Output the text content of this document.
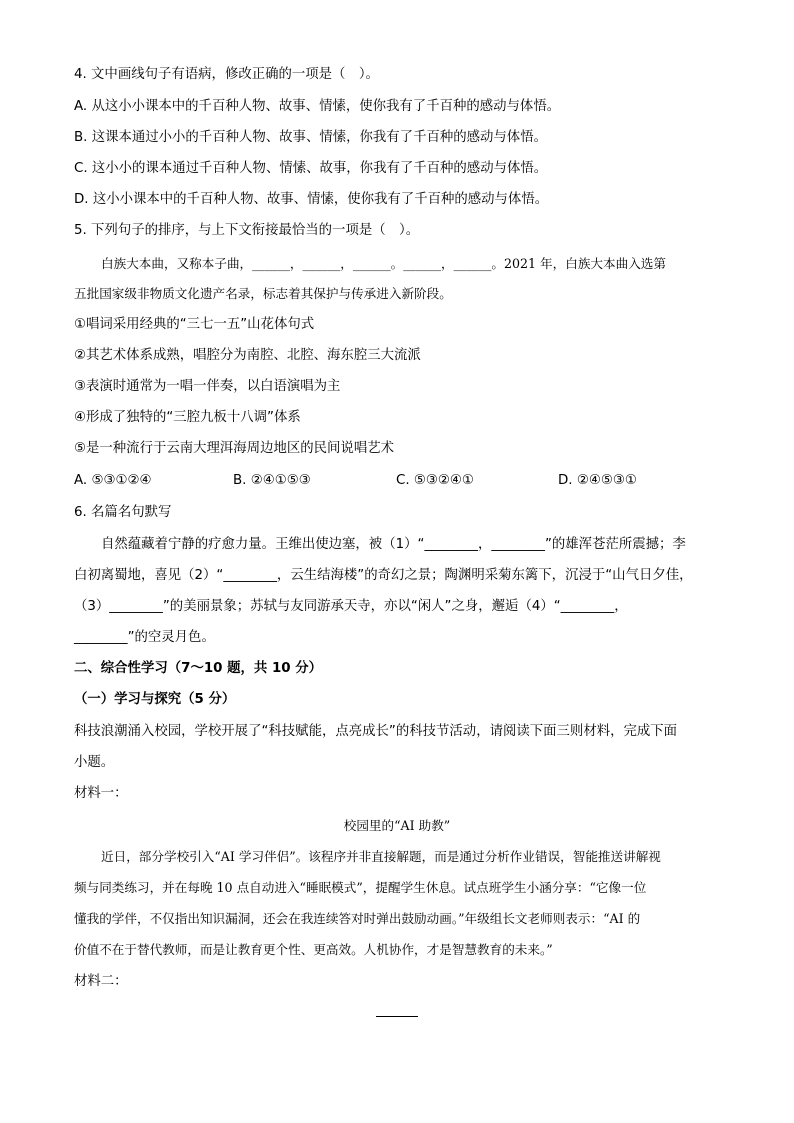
4. 文中画线句子有语病，修改正确的一项是（　）。
A. 从这小小课本中的千百种人物、故事、情愫，使你我有了千百种的感动与体悟。
B. 这课本通过小小的千百种人物、故事、情愫，你我有了千百种的感动与体悟。
C. 这小小的课本通过千百种人物、情愫、故事，你我有了千百种的感动与体悟。
D. 这小小课本中的千百种人物、故事、情愫，使你我有了千百种的感动与体悟。
5. 下列句子的排序，与上下文衔接最恰当的一项是（　）。
白族大本曲，又称本子曲，______，______，______。______，______。2021 年，白族大本曲入选第
五批国家级非物质文化遗产名录，标志着其保护与传承进入新阶段。
①唱词采用经典的“三七一五”山花体句式
②其艺术体系成熟，唱腔分为南腔、北腔、海东腔三大流派
③表演时通常为一唱一伴奏，以白语演唱为主
④形成了独特的“三腔九板十八调”体系
⑤是一种流行于云南大理洱海周边地区的民间说唱艺术
A. ⑤③①②④	B. ②④①⑤③	C. ⑤③②④①	D. ②④⑤③①
6. 名篇名句默写
自然蕴藏着宁静的疗愈力量。王维出使边塞，被（1）“________，________”的雄浑苍茫所震撼；李
白初离蜀地，喜见（2）“________，云生结海楼”的奇幻之景；陶渊明采菊东篱下，沉浸于“山气日夕佳，
（3）________”的美丽景象；苏轼与友同游承天寺，亦以“闲人”之身，邂逅（4）“________，
________”的空灵月色。
二、综合性学习（7～10 题，共 10 分）
（一）学习与探究（5 分）
科技浪潮涌入校园，学校开展了“科技赋能，点亮成长”的科技节活动，请阅读下面三则材料，完成下面
小题。
材料一：
校园里的“AI 助教”
近日，部分学校引入“AI 学习伴侣”。该程序并非直接解题，而是通过分析作业错误，智能推送讲解视
频与同类练习，并在每晚 10 点自动进入“睡眠模式”，提醒学生休息。试点班学生小涵分享：“它像一位
懂我的学伴，不仅指出知识漏洞，还会在我连续答对时弹出鼓励动画。”年级组长文老师则表示：“AI 的
价值不在于替代教师，而是让教育更个性、更高效。人机协作，才是智慧教育的未来。”
材料二：
